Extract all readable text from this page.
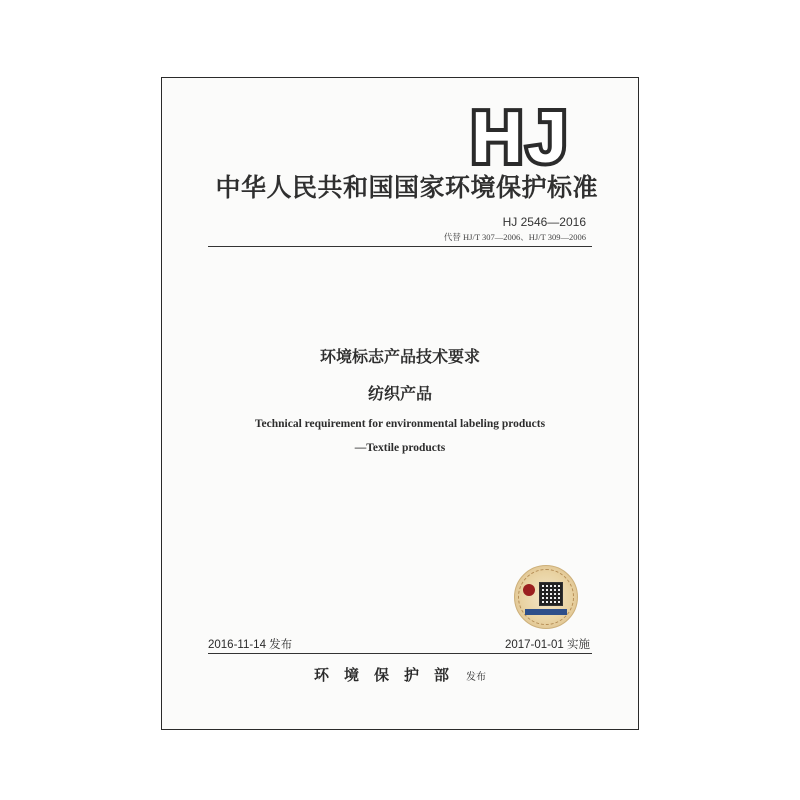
HJ
中华人民共和国国家环境保护标准
HJ 2546—2016
代替 HJ/T 307—2006、HJ/T 309—2006
环境标志产品技术要求
纺织产品
Technical requirement for environmental labeling products
—Textile products
2016-11-14 发布	2017-01-01 实施
环境保护部 发布
